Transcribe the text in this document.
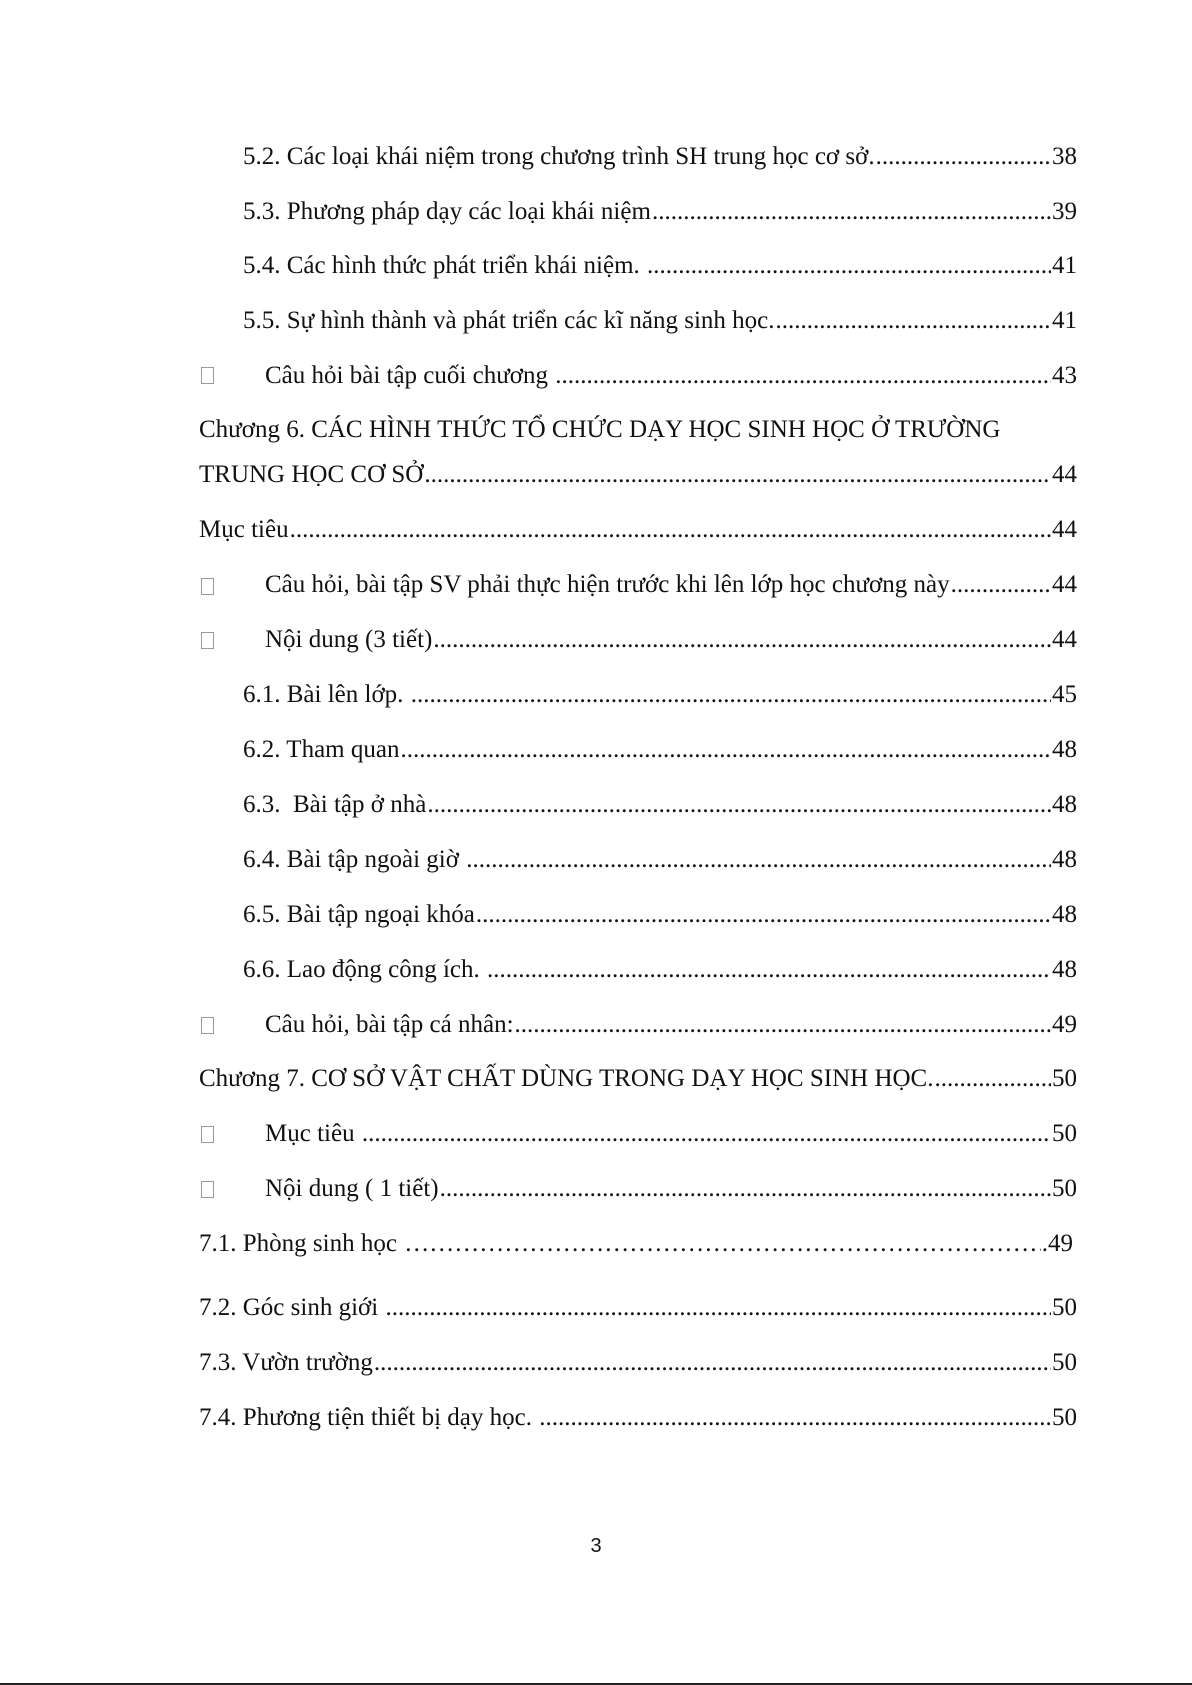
5.2. Các loại khái niệm trong chương trình SH trung học cơ sở. .....	38
5.3. Phương pháp dạy các loại khái niệm .....	39
5.4. Các hình thức phát triển khái niệm. .....	41
5.5. Sự hình thành và phát triển các kĩ năng sinh học. .....	41
Câu hỏi bài tập cuối chương .....	43
Chương 6. CÁC HÌNH THỨC TỔ CHỨC DẠY HỌC SINH HỌC Ở TRƯỜNG
TRUNG HỌC CƠ SỞ .....	44
Mục tiêu .....	44
Câu hỏi, bài tập SV phải thực hiện trước khi lên lớp học chương này .....	44
Nội dung (3 tiết) .....	44
6.1. Bài lên lớp. .....	45
6.2. Tham quan .....	48
6.3.  Bài tập ở nhà .....	48
6.4. Bài tập ngoài giờ .....	48
6.5. Bài tập ngoại khóa .....	48
6.6. Lao động công ích. .....	48
Câu hỏi, bài tập cá nhân: .....	49
Chương 7. CƠ SỞ VẬT CHẤT DÙNG TRONG DẠY HỌC SINH HỌC. .....	50
Mục tiêu .....	50
Nội dung ( 1 tiết) .....	50
7.1. Phòng sinh học ………………………………………………………………………………………………………………………………………………………………………………………………	.49
7.2. Góc sinh giới .....	50
7.3. Vườn trường .....	50
7.4. Phương tiện thiết bị dạy học. .....	50
3
